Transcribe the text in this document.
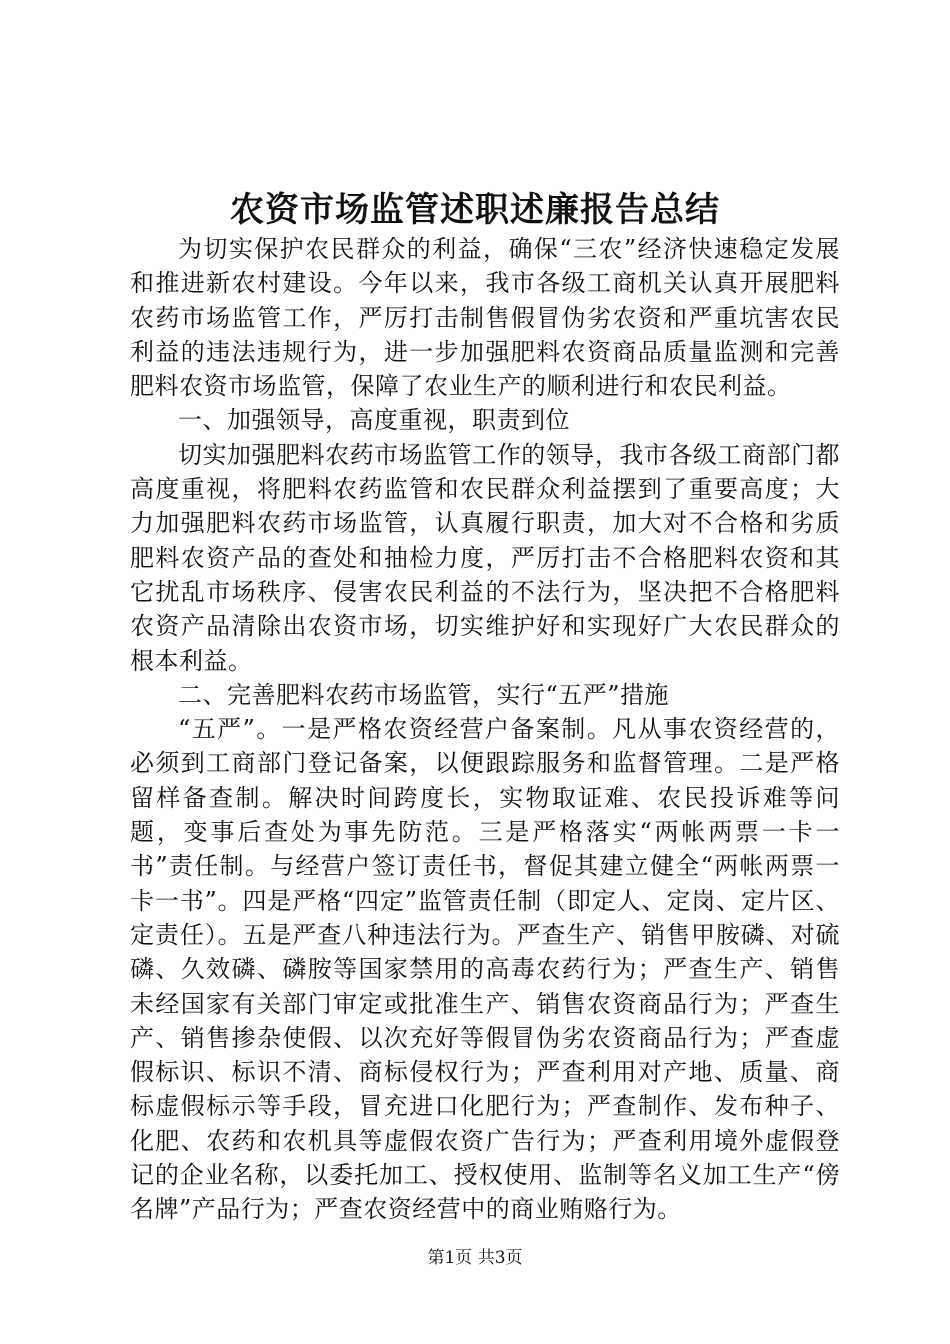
农资市场监管述职述廉报告总结

为切实保护农民群众的利益，确保“三农”经济快速稳定发展和推进新农村建设。今年以来，我市各级工商机关认真开展肥料农药市场监管工作，严厉打击制售假冒伪劣农资和严重坑害农民利益的违法违规行为，进一步加强肥料农资商品质量监测和完善肥料农资市场监管，保障了农业生产的顺利进行和农民利益。

一、加强领导，高度重视，职责到位

切实加强肥料农药市场监管工作的领导，我市各级工商部门都高度重视，将肥料农药监管和农民群众利益摆到了重要高度；大力加强肥料农药市场监管，认真履行职责，加大对不合格和劣质肥料农资产品的查处和抽检力度，严厉打击不合格肥料农资和其它扰乱市场秩序、侵害农民利益的不法行为，坚决把不合格肥料农资产品清除出农资市场，切实维护好和实现好广大农民群众的根本利益。

二、完善肥料农药市场监管，实行“五严”措施

“五严”。一是严格农资经营户备案制。凡从事农资经营的，必须到工商部门登记备案，以便跟踪服务和监督管理。二是严格留样备查制。解决时间跨度长，实物取证难、农民投诉难等问题，变事后查处为事先防范。三是严格落实“两帐两票一卡一书”责任制。与经营户签订责任书，督促其建立健全“两帐两票一卡一书”。四是严格“四定”监管责任制（即定人、定岗、定片区、定责任）。五是严查八种违法行为。严查生产、销售甲胺磷、对硫磷、久效磷、磷胺等国家禁用的高毒农药行为；严查生产、销售未经国家有关部门审定或批准生产、销售农资商品行为；严查生产、销售掺杂使假、以次充好等假冒伪劣农资商品行为；严查虚假标识、标识不清、商标侵权行为；严查利用对产地、质量、商标虚假标示等手段，冒充进口化肥行为；严查制作、发布种子、化肥、农药和农机具等虚假农资广告行为；严查利用境外虚假登记的企业名称，以委托加工、授权使用、监制等名义加工生产“傍名牌”产品行为；严查农资经营中的商业贿赂行为。

第1页 共3页
